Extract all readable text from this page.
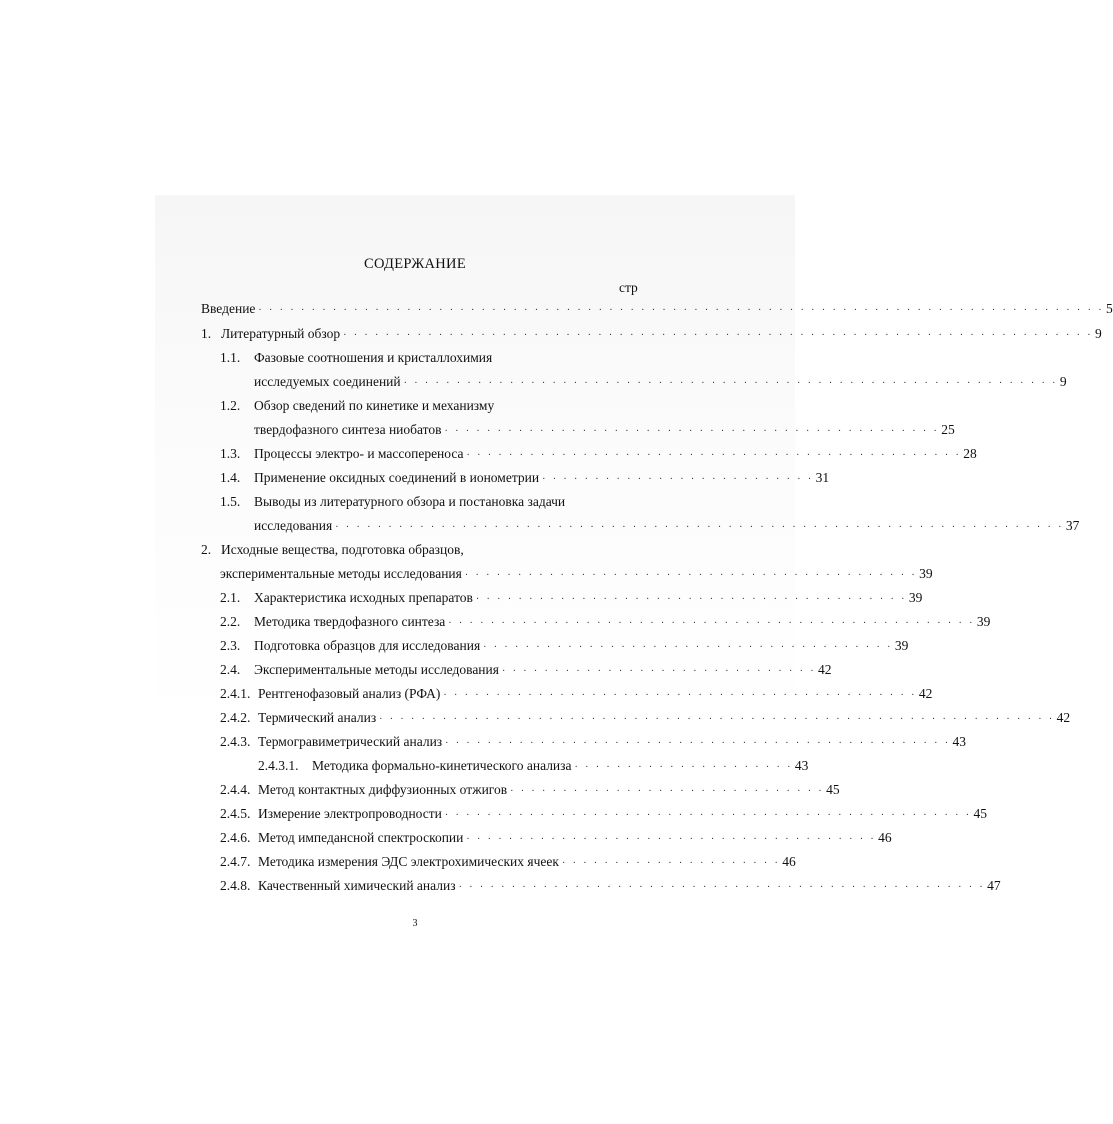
СОДЕРЖАНИЕ
стр
Введение · · · · · · · · · · · · · · · · · · · · · · · · · · · · · · · · · · · · · · · · · · · · · · · · · · · · · · · · · · · · · · · · · · · · · · · · · · · · · · · · 5
1. Литературный обзор · · · · · · · · · · · · · · · · · · · · · · · · · · · · · · · · · · · · · · · · · · · · · · · · · · · · · · · · · · · · · · · · · · · · · · · 9
1.1.	Фазовые соотношения и кристаллохимия
исследуемых соединений · · · · · · · · · · · · · · · · · · · · · · · · · · · · · · · · · · · · · · · · · · · · · · · · · · · · · · · · · · · · · · 9
1.2.	Обзор сведений по кинетике и механизму
твердофазного синтеза ниобатов · · · · · · · · · · · · · · · · · · · · · · · · · · · · · · · · · · · · · · · · · · · · · · · 25
1.3.	Процессы электро- и массопереноса · · · · · · · · · · · · · · · · · · · · · · · · · · · · · · · · · · · · · · · · · · · · · · · 28
1.4.	Применение оксидных соединений в ионометрии · · · · · · · · · · · · · · · · · · · · · · · · · · 31
1.5.	Выводы из литературного обзора и постановка задачи
исследования · · · · · · · · · · · · · · · · · · · · · · · · · · · · · · · · · · · · · · · · · · · · · · · · · · · · · · · · · · · · · · · · · · · · · 37
2. Исходные вещества, подготовка образцов,
экспериментальные методы исследования · · · · · · · · · · · · · · · · · · · · · · · · · · · · · · · · · · · · · · · · · · · 39
2.1.	Характеристика исходных препаратов · · · · · · · · · · · · · · · · · · · · · · · · · · · · · · · · · · · · · · · · · 39
2.2.	Методика твердофазного синтеза · · · · · · · · · · · · · · · · · · · · · · · · · · · · · · · · · · · · · · · · · · · · · · · · · · 39
2.3.	Подготовка образцов для исследования · · · · · · · · · · · · · · · · · · · · · · · · · · · · · · · · · · · · · · · 39
2.4.	Экспериментальные методы исследования · · · · · · · · · · · · · · · · · · · · · · · · · · · · · · 42
2.4.1. Рентгенофазовый анализ (РФА) · · · · · · · · · · · · · · · · · · · · · · · · · · · · · · · · · · · · · · · · · · · · · 42
2.4.2. Термический анализ · · · · · · · · · · · · · · · · · · · · · · · · · · · · · · · · · · · · · · · · · · · · · · · · · · · · · · · · · · · · · · · · 42
2.4.3. Термогравиметрический анализ · · · · · · · · · · · · · · · · · · · · · · · · · · · · · · · · · · · · · · · · · · · · · · · · 43
2.4.3.1.	Методика формально-кинетического анализа · · · · · · · · · · · · · · · · · · · · · 43
2.4.4. Метод контактных диффузионных отжигов · · · · · · · · · · · · · · · · · · · · · · · · · · · · · · 45
2.4.5. Измерение электропроводности · · · · · · · · · · · · · · · · · · · · · · · · · · · · · · · · · · · · · · · · · · · · · · · · · · 45
2.4.6. Метод импедансной спектроскопии · · · · · · · · · · · · · · · · · · · · · · · · · · · · · · · · · · · · · · · 46
2.4.7. Методика измерения ЭДС электрохимических ячеек · · · · · · · · · · · · · · · · · · · · · 46
2.4.8. Качественный химический анализ · · · · · · · · · · · · · · · · · · · · · · · · · · · · · · · · · · · · · · · · · · · · · · · · · · 47
3
